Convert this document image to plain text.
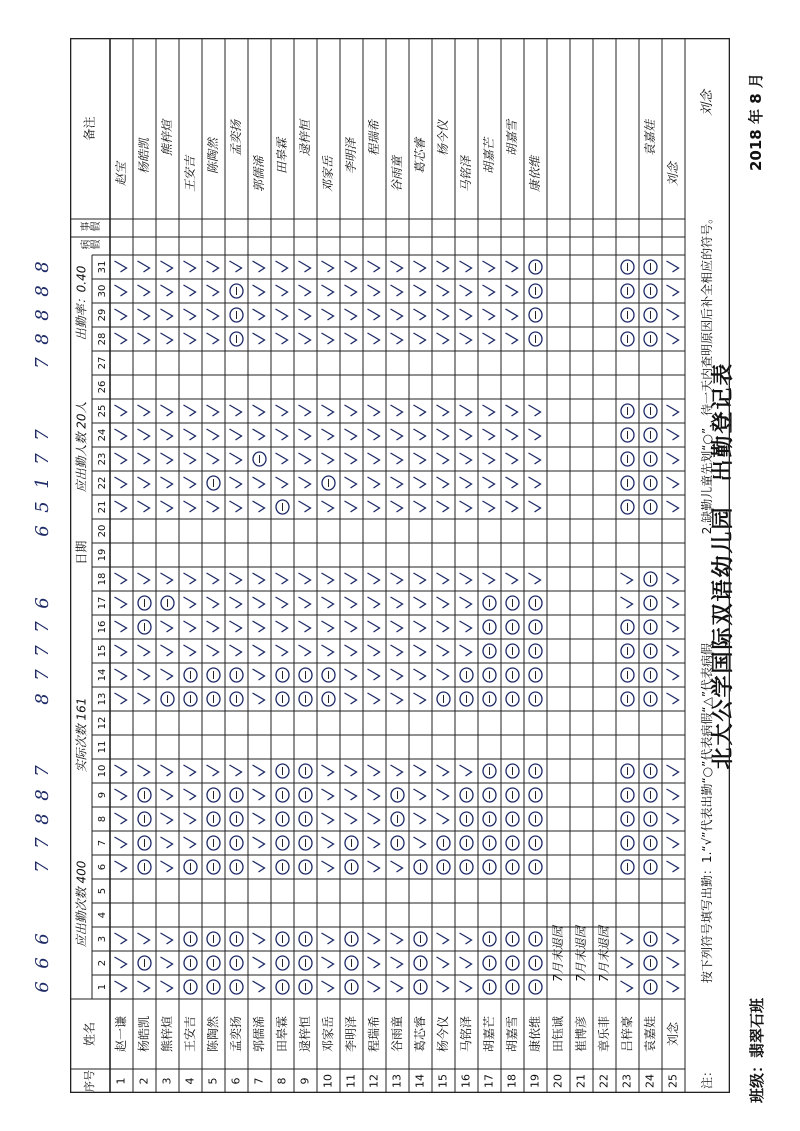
北大公学国际双语幼儿园　出勤登记表
班级：翡翠石班
2018 年 8 月
序号
姓名
日期
1
2
3
4
5
6
7
8
9
10
11
12
13
14
15
16
17
18
19
20
21
22
23
24
25
26
27
28
29
30
31
病假
事假
备注
应出勤次数 400
实际次数 161
应出勤人数 20人
出勤率：0.40
1
赵一谦
赵宝
2
杨皓凯
杨皓凯
3
熊梓煊
熊梓煊
4
王安吉
王安吉
5
陈陶然
陈陶然
6
孟奕扬
孟奕扬
7
郭儒浠
郭儒浠
8
田皋霖
田皋霖
9
逯梓恒
逯梓恒
10
邓家岳
邓家岳
11
李明泽
李明泽
12
程瑞希
程瑞希
13
谷雨童
谷雨童
14
葛芯睿
葛芯睿
15
杨今仪
杨今仪
16
马铭泽
马铭泽
17
胡嘉芒
胡嘉芒
18
胡嘉雪
胡嘉雪
19
康依维
康依维
20
田钰诚
7月末退园
21
崔博彦
7月末退园
22
章乐菲
7月末退园
23
吕梓豪
24
袁嘉娃
袁嘉娃
25
刘念
刘念
注：
按下列符号填写出勤：1.“√”代表出勤“○”代表病假“△”代表病假
2.缺勤儿童先划“○”，待一天内查明原因后补全相应的符号。
刘念
6
6
6
7
7
8
8
7
8
7
7
7
6
6
5
1
7
7
7
8
8
8
8
